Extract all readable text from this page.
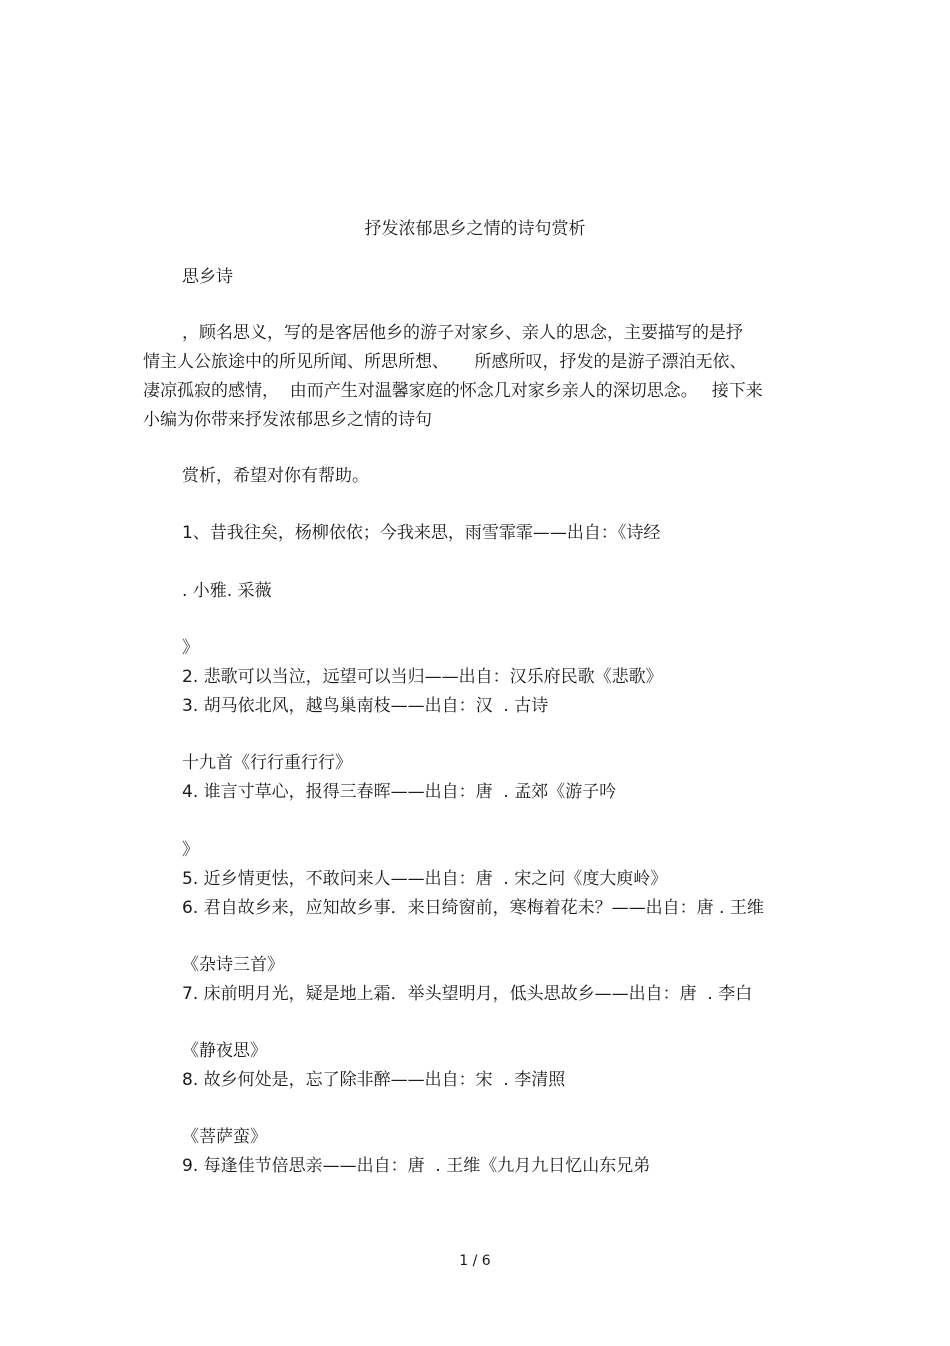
抒发浓郁思乡之情的诗句赏析
思乡诗
，顾名思义，写的是客居他乡的游子对家乡、亲人的思念，主要描写的是抒
情主人公旅途中的所见所闻、所思所想、　　所感所叹，抒发的是游子漂泊无依、
凄凉孤寂的感情，  由而产生对温馨家庭的怀念几对家乡亲人的深切思念。　 接下来
小编为你带来抒发浓郁思乡之情的诗句
赏析，希望对你有帮助。
1、昔我往矣，杨柳依依；今我来思，雨雪霏霏——出自：《诗经
. 小雅. 采薇
》
2. 悲歌可以当泣，远望可以当归——出自：汉乐府民歌《悲歌》
3. 胡马依北风，越鸟巢南枝——出自：汉  . 古诗
十九首《行行重行行》
4. 谁言寸草心，报得三春晖——出自：唐  . 孟郊《游子吟
》
5. 近乡情更怯，不敢问来人——出自：唐  . 宋之问《度大庾岭》
6. 君自故乡来，应知故乡事．来日绮窗前，寒梅着花未？——出自：唐 . 王维
《杂诗三首》
7. 床前明月光，疑是地上霜．举头望明月，低头思故乡——出自：唐  . 李白
《静夜思》
8. 故乡何处是，忘了除非醉——出自：宋  . 李清照
《菩萨蛮》
9. 每逢佳节倍思亲——出自：唐  . 王维《九月九日忆山东兄弟
1 / 6
